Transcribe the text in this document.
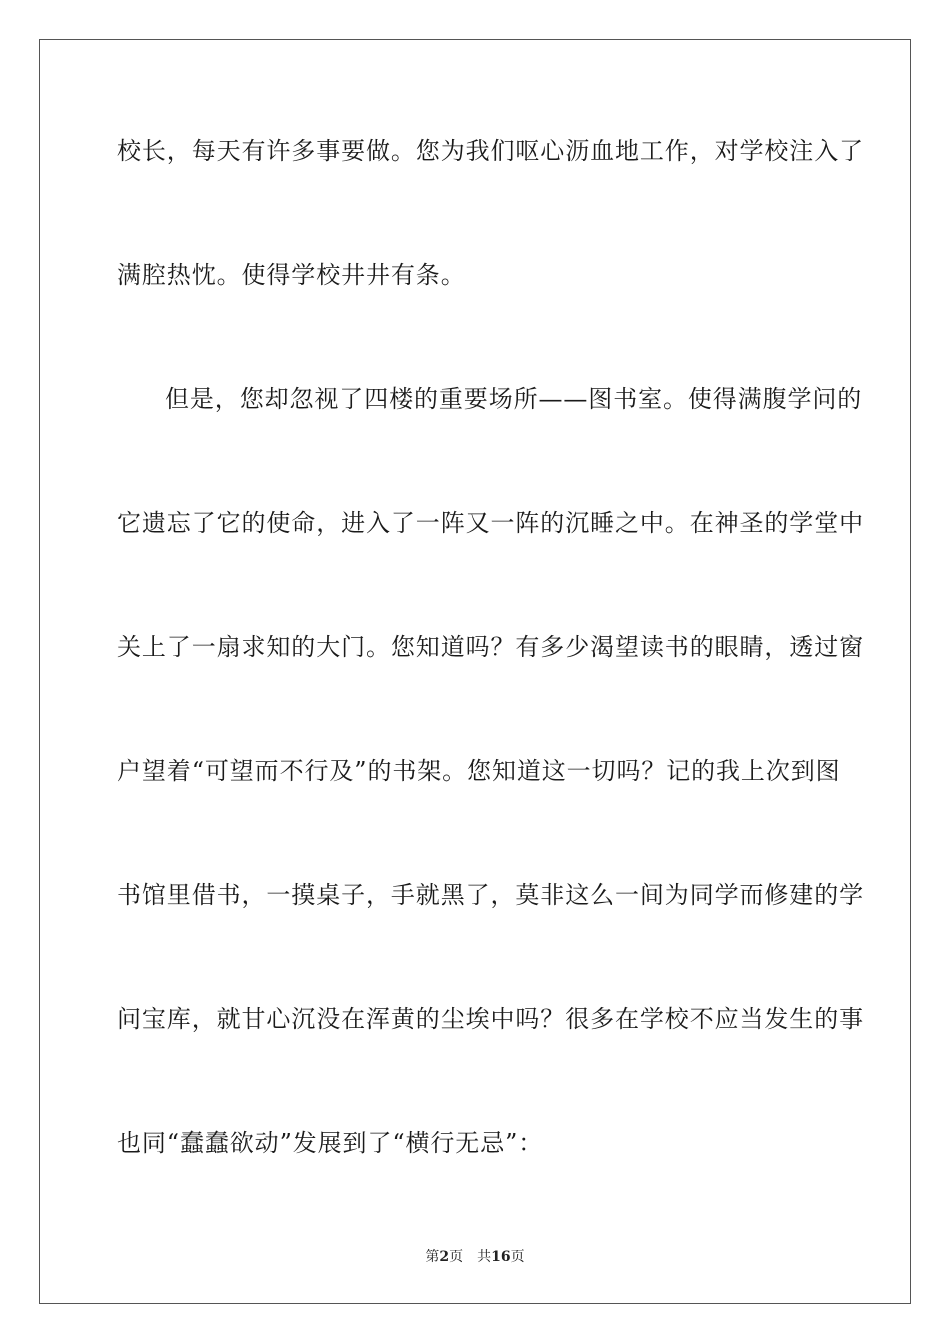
校长，每天有许多事要做。您为我们呕心沥血地工作，对学校注入了
满腔热忱。使得学校井井有条。
但是，您却忽视了四楼的重要场所——图书室。使得满腹学问的
它遗忘了它的使命，进入了一阵又一阵的沉睡之中。在神圣的学堂中
关上了一扇求知的大门。您知道吗？有多少渴望读书的眼睛，透过窗
户望着“可望而不行及”的书架。您知道这一切吗？记的我上次到图
书馆里借书，一摸桌子，手就黑了，莫非这么一间为同学而修建的学
问宝库，就甘心沉没在浑黄的尘埃中吗？很多在学校不应当发生的事
也同“蠢蠢欲动”发展到了“横行无忌”：
第2页 共16页
